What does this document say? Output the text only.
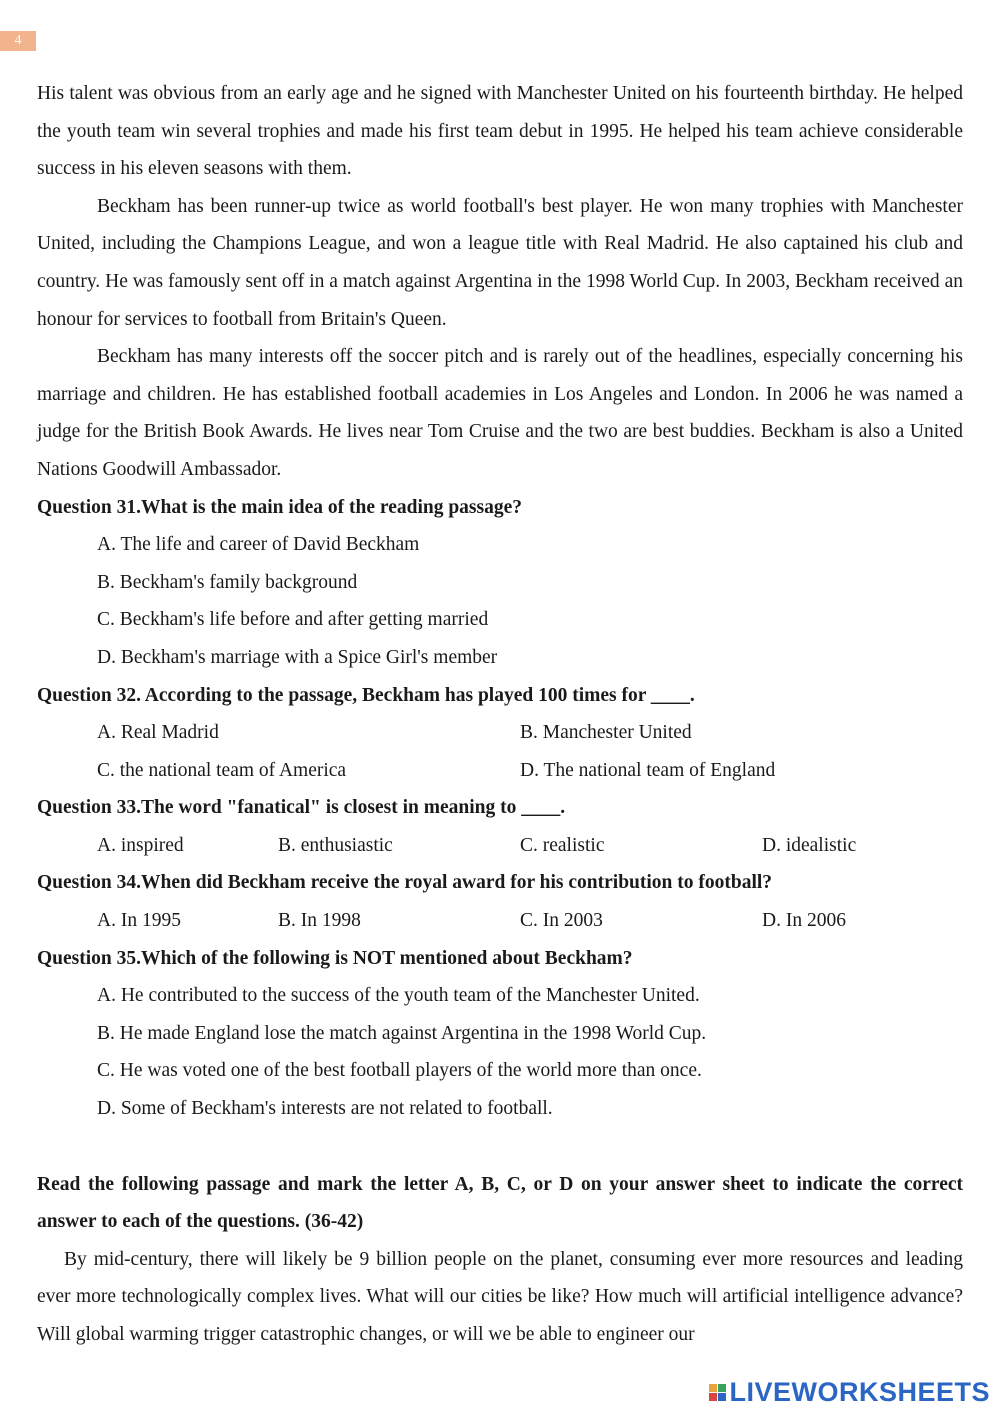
4

His talent was obvious from an early age and he signed with Manchester United on his fourteenth birthday. He helped the youth team win several trophies and made his first team debut in 1995. He helped his team achieve considerable success in his eleven seasons with them.

Beckham has been runner-up twice as world football's best player. He won many trophies with Manchester United, including the Champions League, and won a league title with Real Madrid. He also captained his club and country. He was famously sent off in a match against Argentina in the 1998 World Cup. In 2003, Beckham received an honour for services to football from Britain's Queen.

Beckham has many interests off the soccer pitch and is rarely out of the headlines, especially concerning his marriage and children. He has established football academies in Los Angeles and London. In 2006 he was named a judge for the British Book Awards. He lives near Tom Cruise and the two are best buddies. Beckham is also a United Nations Goodwill Ambassador.

Question 31.What is the main idea of the reading passage?
A. The life and career of David Beckham
B. Beckham's family background
C. Beckham's life before and after getting married
D. Beckham's marriage with a Spice Girl's member
Question 32. According to the passage, Beckham has played 100 times for ____.
A. Real Madrid	B. Manchester United
C. the national team of America	D. The national team of England
Question 33.The word "fanatical" is closest in meaning to ____.
A. inspired	B. enthusiastic	C. realistic	D. idealistic
Question 34.When did Beckham receive the royal award for his contribution to football?
A. In 1995	B. In 1998	C. In 2003	D. In 2006
Question 35.Which of the following is NOT mentioned about Beckham?
A. He contributed to the success of the youth team of the Manchester United.
B. He made England lose the match against Argentina in the 1998 World Cup.
C. He was voted one of the best football players of the world more than once.
D. Some of Beckham's interests are not related to football.

Read the following passage and mark the letter A, B, C, or D on your answer sheet to indicate the correct answer to each of the questions. (36-42)

By mid-century, there will likely be 9 billion people on the planet, consuming ever more resources and leading ever more technologically complex lives. What will our cities be like? How much will artificial intelligence advance? Will global warming trigger catastrophic changes, or will we be able to engineer our

LIVEWORKSHEETS
